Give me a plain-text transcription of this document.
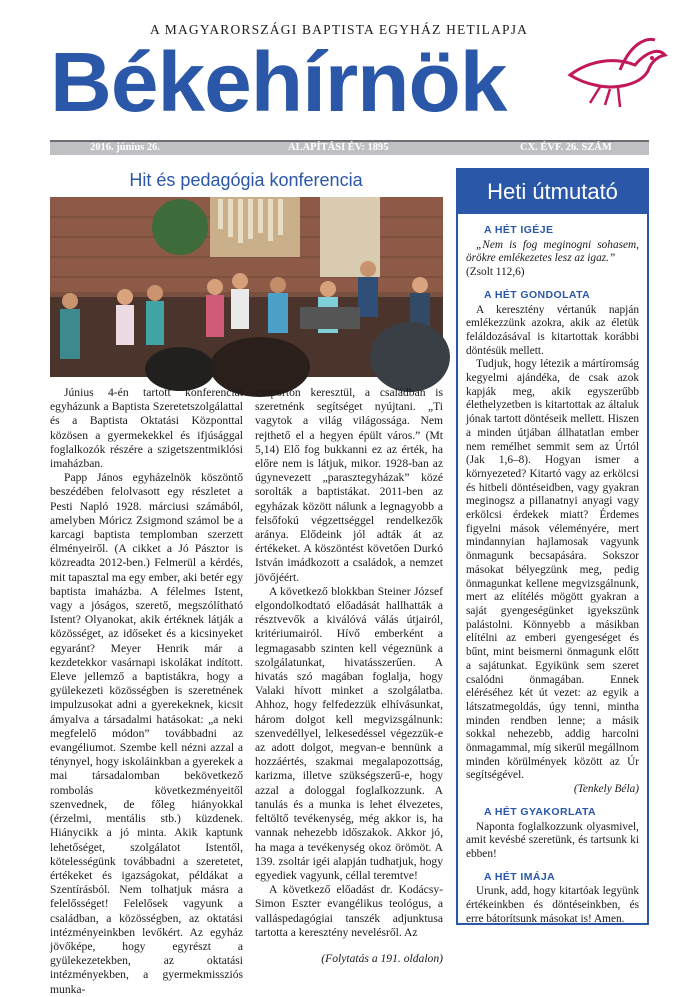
A MAGYARORSZÁGI BAPTISTA EGYHÁZ HETILAPJA
Békehírnök
2016. június 26.	ALAPÍTÁSI ÉV: 1895	CX. ÉVF. 26. SZÁM
Hit és pedagógia konferencia

Június 4-én tartott konferenciát egyházunk a Baptista Szeretetszolgálattal és a Baptista Oktatási Központtal közösen a gyermekekkel és ifjúsággal foglalkozók részére a szigetszentmiklósi imaházban.

Papp János egyházelnök köszöntő beszédében felolvasott egy részletet a Pesti Napló 1928. márciusi számából, amelyben Móricz Zsigmond számol be a karcagi baptista templomban szerzett élményeiről. (A cikket a Jó Pásztor is közreadta 2012-ben.) Felmerül a kérdés, mit tapasztal ma egy ember, aki betér egy baptista imaházba. A félelmes Istent, vagy a jóságos, szerető, megszólítható Istent? Olyanokat, akik értéknek látják a közösséget, az időseket és a kicsinyeket egyaránt? Meyer Henrik már a kezdetekkor vasárnapi iskolákat indított. Eleve jellemző a baptistákra, hogy a gyülekezeti közösségben is szeretnének impulzusokat adni a gyerekeknek, kicsit ámyalva a társadalmi hatásokat: „a neki megfelelő módon” továbbadni az evangéliumot. Szembe kell nézni azzal a ténynyel, hogy iskoláinkban a gyerekek a mai társadalomban bekövetkező rombolás következményeitől szenvednek, de főleg hiányokkal (érzelmi, mentális stb.) küzdenek. Hiánycikk a jó minta. Akik kaptunk lehetőséget, szolgálatot Istentől, kötelességünk továbbadni a szeretetet, értékeket és igazságokat, példákat a Szentírásból. Nem tolhatjuk másra a felelősséget! Felelősek vagyunk a családban, a közösségben, az oktatási intézményeinkben levőkért. Az egyház jövőképe, hogy egyrészt a gyülekezetekben, az oktatási intézményekben, a gyermekmissziós munka-

csoporton keresztül, a családban is szeretnénk segítséget nyújtani. „Ti vagytok a világ világossága. Nem rejthető el a hegyen épült város.” (Mt 5,14) Elő fog bukkanni ez az érték, ha előre nem is látjuk, mikor. 1928-ban az úgynevezett „parasztegyházak” közé sorolták a baptistákat. 2011-ben az egyházak között nálunk a legnagyobb a felsőfokú végzettséggel rendelkezők aránya. Elődeink jól adták át az értékeket. A köszöntést követően Durkó István imádkozott a családok, a nemzet jövőjéért.

A következő blokkban Steiner József elgondolkodtató előadását hallhatták a résztvevők a kiválóvá válás útjairól, kritériumairól. Hívő emberként a legmagasabb szinten kell végeznünk a szolgálatunkat, hivatásszerűen. A hivatás szó magában foglalja, hogy Valaki hívott minket a szolgálatba. Ahhoz, hogy felfedezzük elhívásunkat, három dolgot kell megvizsgálnunk: szenvedéllyel, lelkesedéssel végezzük-e az adott dolgot, megvan-e bennünk a hozzáértés, szakmai megalapozottság, karizma, illetve szükségszerű-e, hogy azzal a dologgal foglalkozzunk. A tanulás és a munka is lehet élvezetes, feltöltő tevékenység, még akkor is, ha vannak nehezebb időszakok. Akkor jó, ha maga a tevékenység okoz örömöt. A 139. zsoltár igéi alapján tudhatjuk, hogy egyediek vagyunk, céllal teremtve!

A következő előadást dr. Kodácsy-Simon Eszter evangélikus teológus, a valláspedagógiai tanszék adjunktusa tartotta a keresztény nevelésről. Az

(Folytatás a 191. oldalon)
Heti útmutató
A HÉT IGÉJE

„Nem is fog meginogni sohasem, örökre emlékezetes lesz az igaz.”

(Zsolt 112,6)
A HÉT GONDOLATA

A keresztény vértanúk napján emlékezzünk azokra, akik az életük feláldozásával is kitartottak korábbi döntésük mellett.

Tudjuk, hogy létezik a mártíromság kegyelmi ajándéka, de csak azok kapják meg, akik egyszerűbb élethelyzetben is kitartottak az általuk jónak tartott döntéseik mellett. Hiszen a minden útjában állhatatlan ember nem remélhet semmit sem az Úrtól (Jak 1,6–8). Hogyan ismer a környezeted? Kitartó vagy az erkölcsi és hitbeli döntéseidben, vagy gyakran meginogsz a pillanatnyi anyagi vagy erkölcsi érdekek miatt? Érdemes figyelni mások véleményére, mert mindannyian hajlamosak vagyunk önmagunk becsapására. Sokszor másokat bélyegzünk meg, pedig önmagunkat kellene megvizsgálnunk, mert az elítélés mögött gyakran a saját gyengeségünket igyekszünk palástolni. Könnyebb a másikban elítélni az emberi gyengeséget és bűnt, mint beismerni önmagunk előtt a sajátunkat. Egyikünk sem szeret csalódni önmagában. Ennek eléréséhez két út vezet: az egyik a látszatmegoldás, úgy tenni, mintha minden rendben lenne; a másik sokkal nehezebb, addig harcolni önmagammal, míg sikerül megállnom minden körülmények között az Úr segítségével.

(Tenkely Béla)
A HÉT GYAKORLATA

Naponta foglalkozzunk olyasmivel, amit kevésbé szeretünk, és tartsunk ki ebben!

A HÉT IMÁJA

Urunk, add, hogy kitartóak legyünk értékeinkben és döntéseinkben, és erre bátorítsunk másokat is! Amen.
